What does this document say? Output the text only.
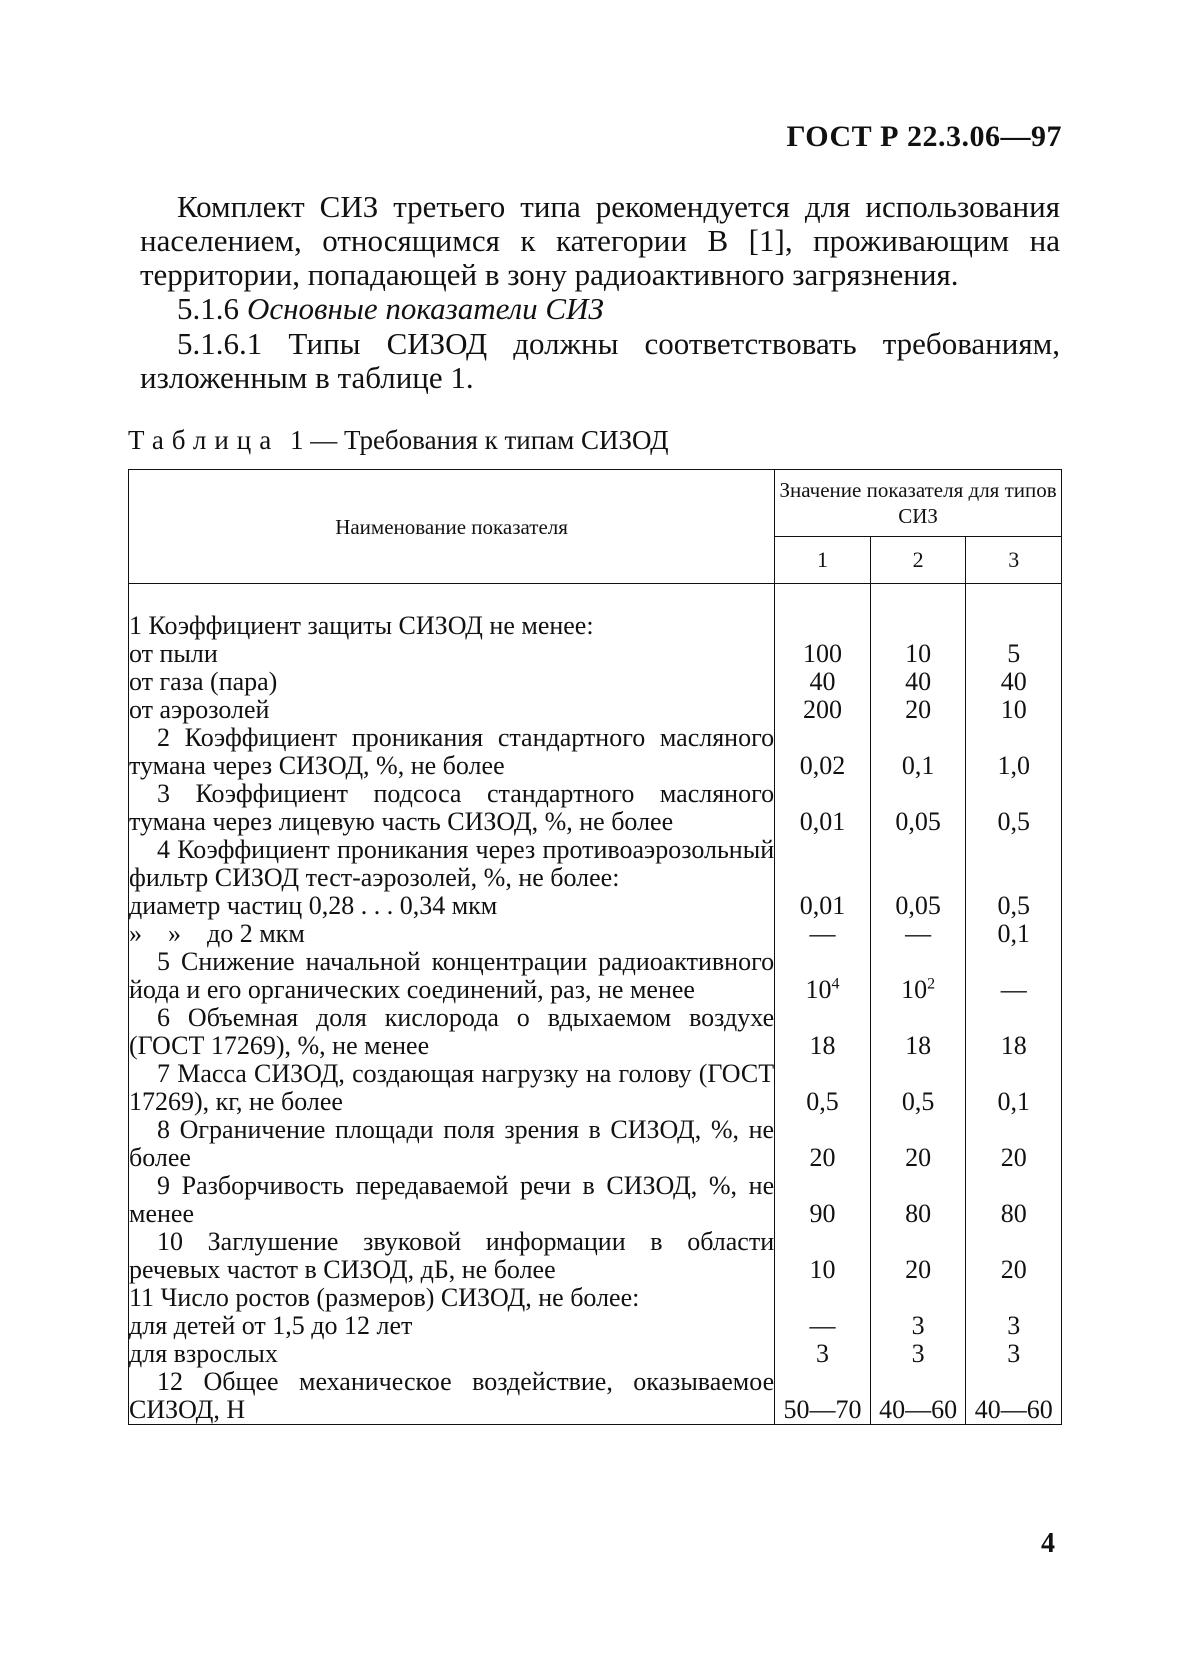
ГОСТ Р 22.3.06—97
Комплект СИЗ третьего типа рекомендуется для использования населением, относящимся к категории В [1], проживающим на территории, попадающей в зону радиоактивного загрязнения.
5.1.6 Основные показатели СИЗ
5.1.6.1 Типы СИЗОД должны соответствовать требованиям, изложенным в таблице 1.
Таблица 1 — Требования к типам СИЗОД
Наименование показателя	Значение показателя для типов СИЗ		
	1	2	3

1 Коэффициент защиты СИЗОД не менее:			
от пыли	100	10	5
от газа (пара)	40	40	40
от аэрозолей	200	20	10
2 Коэффициент проникания стандартного масляного тумана через СИЗОД, %, не более	0,02	0,1	1,0
3 Коэффициент подсоса стандартного масляного тумана через лицевую часть СИЗОД, %, не более	0,01	0,05	0,5
4 Коэффициент проникания через противоаэрозольный фильтр СИЗОД тест-аэрозолей, %, не более:			
диаметр частиц 0,28 . . . 0,34 мкм	0,01	0,05	0,5
»    »    до 2 мкм	—	—	0,1
5 Снижение начальной концентрации радиоактивного йода и его органических соединений, раз, не менее	$10^4$	$10^2$	—
6 Объемная доля кислорода о вдыхаемом воздухе (ГОСТ 17269), %, не менее	18	18	18
7 Масса СИЗОД, создающая нагрузку на голову (ГОСТ 17269), кг, не более	0,5	0,5	0,1
8 Ограничение площади поля зрения в СИЗОД, %, не более	20	20	20
9 Разборчивость передаваемой речи в СИЗОД, %, не менее	90	80	80
10 Заглушение звуковой информации в области речевых частот в СИЗОД, дБ, не более	10	20	20
11 Число ростов (размеров) СИЗОД, не более:			
для детей от 1,5 до 12 лет	—	3	3
для взрослых	3	3	3
12 Общее механическое воздействие, оказываемое СИЗОД, Н	50—70	40—60	40—60
4
